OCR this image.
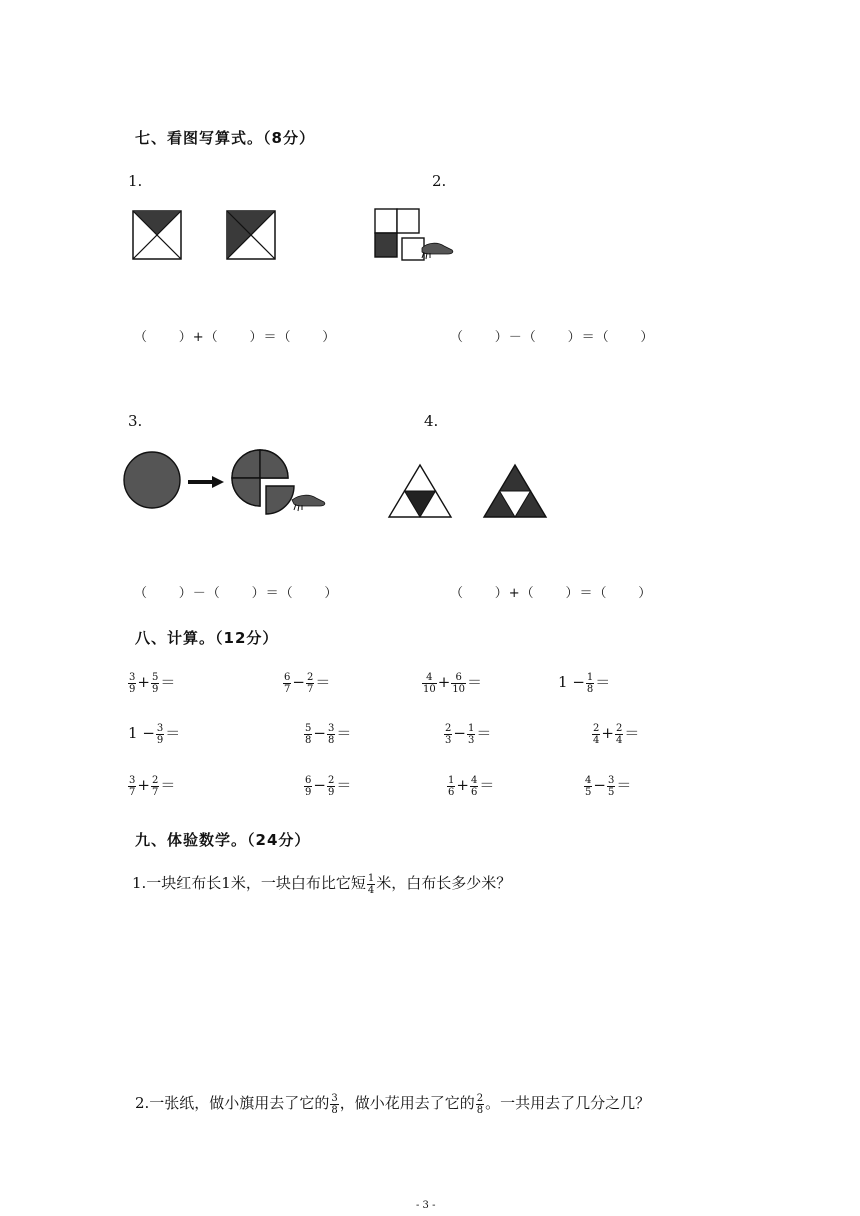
七、看图写算式。（8分）
1.	2.
（      ）+（      ）＝（      ）	（      ）－（      ）＝（      ）
3.	4.
（      ）－（      ）＝（      ）	（      ）+（      ）＝（      ）
八、计算。（12分）
$\frac{3}{9} + \frac{5}{9}$ ＝	$\frac{6}{7} - \frac{2}{7}$ ＝	$\frac{4}{10} + \frac{6}{10}$ ＝	$1 - \frac{1}{8}$ ＝
$1 - \frac{3}{9}$ ＝	$\frac{5}{8} - \frac{3}{8}$ ＝	$\frac{2}{3} - \frac{1}{3}$ ＝	$\frac{2}{4} + \frac{2}{4}$ ＝
$\frac{3}{7} + \frac{2}{7}$ ＝	$\frac{6}{9} - \frac{2}{9}$ ＝	$\frac{1}{6} + \frac{4}{6}$ ＝	$\frac{4}{5} - \frac{3}{5}$ ＝
九、体验数学。（24分）
1.一块红布长1米，一块白布比它短 $\frac{1}{4}$ 米，白布长多少米？
2.一张纸，做小旗用去了它的 $\frac{3}{8}$ ，做小花用去了它的 $\frac{2}{8}$ 。一共用去了几分之几？
- 3 -
